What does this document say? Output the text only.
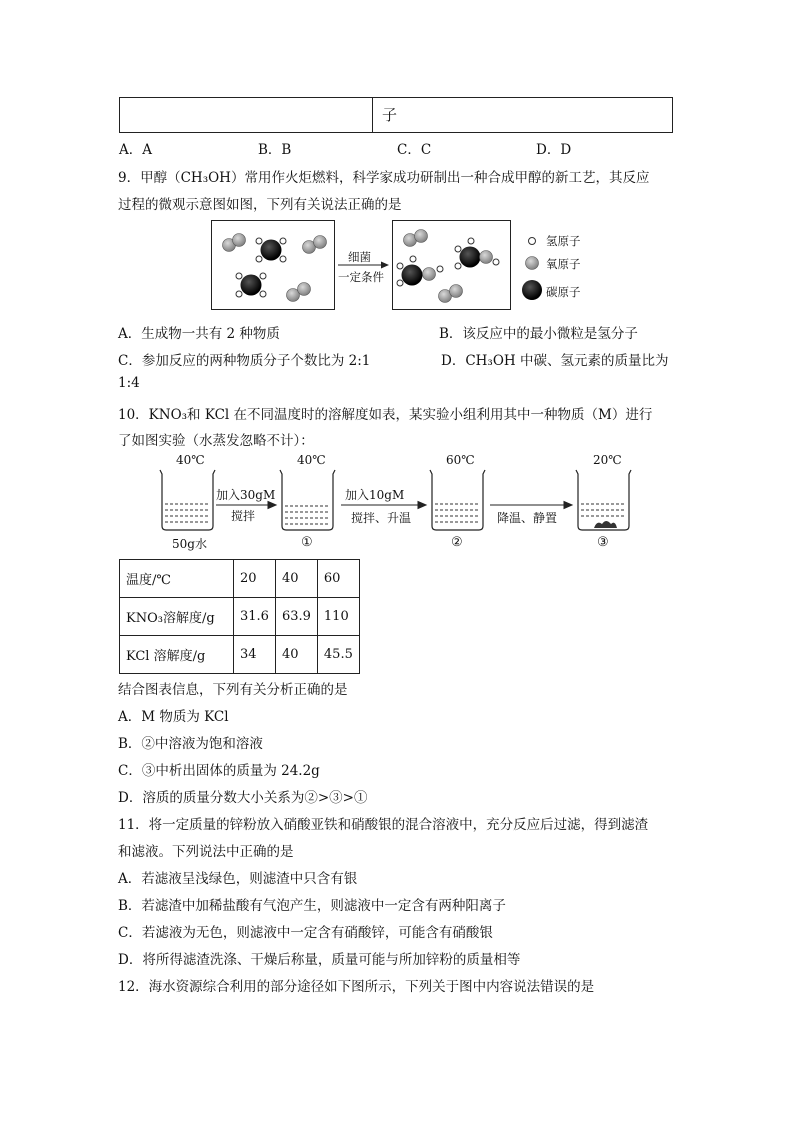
子
A．A	B．B	C．C	D．D
9．甲醇（CH₃OH）常用作火炬燃料，科学家成功研制出一种合成甲醇的新工艺，其反应
过程的微观示意图如图，下列有关说法正确的是
细菌
一定条件
氢原子
氧原子
碳原子
A．生成物一共有 2 种物质	B．该反应中的最小微粒是氢分子
C．参加反应的两种物质分子个数比为 2:1	D．CH₃OH 中碳、氢元素的质量比为
1:4
10．KNO₃和 KCl 在不同温度时的溶解度如表，某实验小组利用其中一种物质（M）进行
了如图实验（水蒸发忽略不计）：
40℃	40℃	60℃	20℃
加入30gM
搅拌
加入10gM
搅拌、升温	降温、静置
50g水	①	②	③
温度/℃	20	40	60
KNO₃溶解度/g	31.6	63.9	110
KCl 溶解度/g	34	40	45.5
结合图表信息，下列有关分析正确的是
A．M 物质为 KCl
B．②中溶液为饱和溶液
C．③中析出固体的质量为 24.2g
D．溶质的质量分数大小关系为②>③>①
11．将一定质量的锌粉放入硝酸亚铁和硝酸银的混合溶液中，充分反应后过滤，得到滤渣
和滤液。下列说法中正确的是
A．若滤液呈浅绿色，则滤渣中只含有银
B．若滤渣中加稀盐酸有气泡产生，则滤液中一定含有两种阳离子
C．若滤液为无色，则滤液中一定含有硝酸锌，可能含有硝酸银
D．将所得滤渣洗涤、干燥后称量，质量可能与所加锌粉的质量相等
12．海水资源综合利用的部分途径如下图所示，下列关于图中内容说法错误的是
